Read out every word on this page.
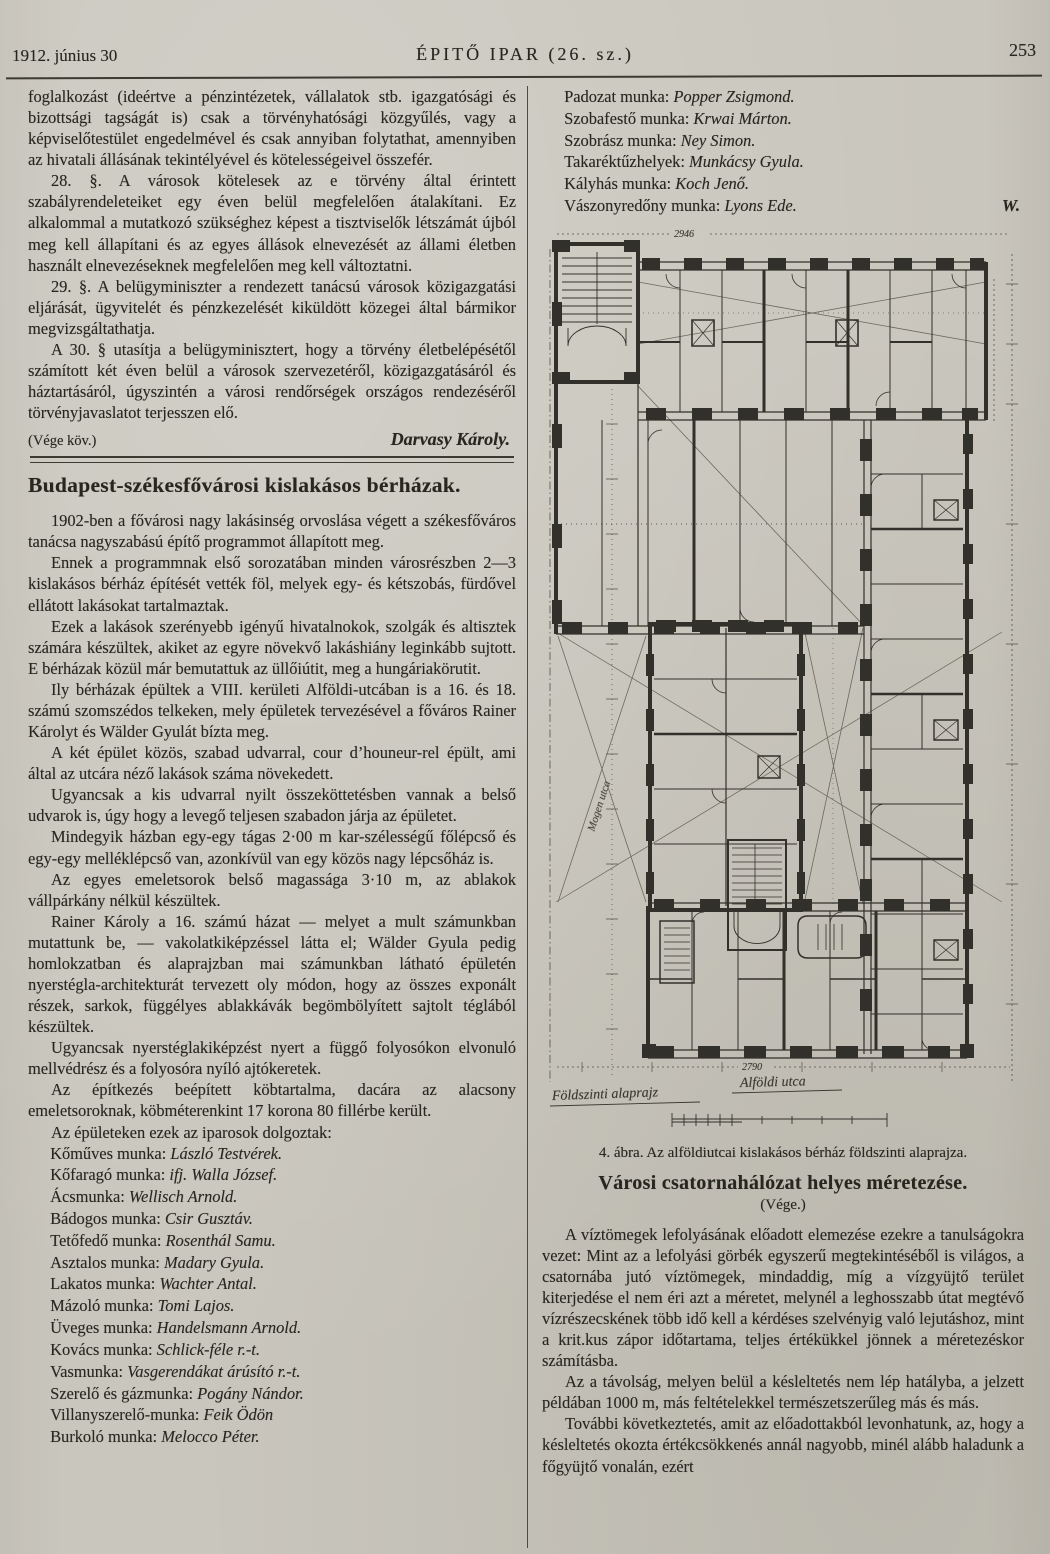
1912. június 30	ÉPITŐ IPAR (26. sz.)	253

foglalkozást (ideértve a pénzintézetek, vállalatok stb. igazgatósági és bizottsági tagságát is) csak a törvényhatósági közgyűlés, vagy a képviselőtestület engedelmével és csak annyiban folytathat, amennyiben az hivatali állásának tekintélyével és kötelességeivel összefér.

28. §. A városok kötelesek az e törvény által érintett szabályrendeleteiket egy éven belül megfelelően átalakítani. Ez alkalommal a mutatkozó szükséghez képest a tisztviselők létszámát újból meg kell állapítani és az egyes állások elnevezését az állami életben használt elnevezéseknek megfelelően meg kell változtatni.

29. §. A belügyminiszter a rendezett tanácsú városok közigazgatási eljárását, ügyvitelét és pénzkezelését kiküldött közegei által bármikor megvizsgáltathatja.

A 30. § utasítja a belügyminisztert, hogy a törvény életbelépésétől számított két éven belül a városok szervezetéről, közigazgatásáról és háztartásáról, úgyszintén a városi rendőrségek országos rendezéséről törvényjavaslatot terjesszen elő.

(Vége köv.)	Darvasy Károly.
Budapest-székesfővárosi kislakásos bérházak.

1902-ben a fővárosi nagy lakásinség orvoslása végett a székesfőváros tanácsa nagyszabású építő programmot állapított meg.

Ennek a programmnak első sorozatában minden városrészben 2—3 kislakásos bérház építését vették föl, melyek egy- és kétszobás, fürdővel ellátott lakásokat tartalmaztak.

Ezek a lakások szerényebb igényű hivatalnokok, szolgák és altisztek számára készültek, akiket az egyre növekvő lakáshiány leginkább sujtott. E bérházak közül már bemutattuk az üllőiútit, meg a hungáriakörutit.

Ily bérházak épültek a VIII. kerületi Alföldi-utcában is a 16. és 18. számú szomszédos telkeken, mely épületek tervezésével a főváros Rainer Károlyt és Wälder Gyulát bízta meg.

A két épület közös, szabad udvarral, cour d’houneur-rel épült, ami által az utcára néző lakások száma növekedett.

Ugyancsak a kis udvarral nyilt összeköttetésben vannak a belső udvarok is, úgy hogy a levegő teljesen szabadon járja az épületet.

Mindegyik házban egy-egy tágas 2·00 m kar-szélességű főlépcső és egy-egy melléklépcső van, azonkívül van egy közös nagy lépcsőház is.

Az egyes emeletsorok belső magassága 3·10 m, az ablakok vállpárkány nélkül készültek.

Rainer Károly a 16. számú házat — melyet a mult számunkban mutattunk be, — vakolatkiképzéssel látta el; Wälder Gyula pedig homlokzatban és alaprajzban mai számunkban látható épületén nyerstégla-architekturát tervezett oly módon, hogy az összes exponált részek, sarkok, függélyes ablakkávák begömbölyített sajtolt téglából készültek.

Ugyancsak nyerstéglakiképzést nyert a függő folyosókon elvonuló mellvédrész és a folyosóra nyíló ajtókeretek.

Az építkezés beépített köbtartalma, dacára az alacsony emeletsoroknak, köbméterenkint 17 korona 80 fillérbe került.

Az épületeken ezek az iparosok dolgoztak:

Kőműves munka: László Testvérek.
Kőfaragó munka: ifj. Walla József.
Ácsmunka: Wellisch Arnold.
Bádogos munka: Csir Gusztáv.
Tetőfedő munka: Rosenthál Samu.
Asztalos munka: Madary Gyula.
Lakatos munka: Wachter Antal.
Mázoló munka: Tomi Lajos.
Üveges munka: Handelsmann Arnold.
Kovács munka: Schlick-féle r.-t.
Vasmunka: Vasgerendákat árúsító r.-t.
Szerelő és gázmunka: Pogány Nándor.
Villanyszerelő-munka: Feik Ödön
Burkoló munka: Melocco Péter.
Padozat munka: Popper Zsigmond.
Szobafestő munka: Krwai Márton.
Szobrász munka: Ney Simon.
Takaréktűzhelyek: Munkácsy Gyula.
Kályhás munka: Koch Jenő.
Vászonyredőny munka: Lyons Ede.	W.
2946
2790
Alföldi utca
Földszinti alaprajz
Mogen utca
4. ábra. Az alföldiutcai kislakásos bérház földszinti alaprajza.
Városi csatornahálózat helyes méretezése.
(Vége.)

A víztömegek lefolyásának előadott elemezése ezekre a tanulságokra vezet: Mint az a lefolyási görbék egyszerű megtekintéséből is világos, a csatornába jutó víztömegek, mindaddig, míg a vízgyüjtő terület kiterjedése el nem éri azt a méretet, melynél a leghosszabb útat megtévő vízrészecskének több idő kell a kérdéses szelvényig való lejutáshoz, mint a krit.kus zápor időtartama, teljes értékükkel jönnek a méretezéskor számításba.

Az a távolság, melyen belül a késleltetés nem lép hatályba, a jelzett példában 1000 m, más feltételekkel természetszerűleg más és más.

További következtetés, amit az előadottakból levonhatunk, az, hogy a késleltetés okozta értékcsökkenés annál nagyobb, minél alább haladunk a főgyüjtő vonalán, ezért
